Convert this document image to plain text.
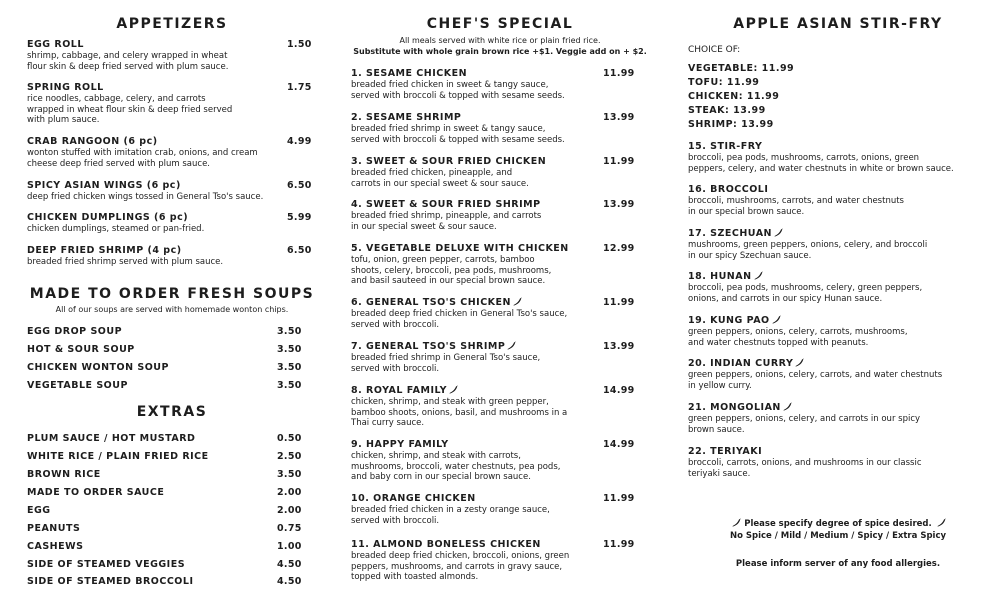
APPETIZERS
EGG ROLL
shrimp, cabbage, and celery wrapped in wheat
flour skin & deep fried served with plum sauce.
1.50
SPRING ROLL
rice noodles, cabbage, celery, and carrots
wrapped in wheat flour skin & deep fried served
with plum sauce.
1.75
CRAB RANGOON (6 pc)
wonton stuffed with imitation crab, onions, and cream
cheese deep fried served with plum sauce.
4.99
SPICY ASIAN WINGS (6 pc)
deep fried chicken wings tossed in General Tso's sauce.
6.50
CHICKEN DUMPLINGS (6 pc)
chicken dumplings, steamed or pan-fried.
5.99
DEEP FRIED SHRIMP (4 pc)
breaded fried shrimp served with plum sauce.
6.50
MADE TO ORDER FRESH SOUPS
All of our soups are served with homemade wonton chips.
EGG DROP SOUP	3.50
HOT & SOUR SOUP	3.50
CHICKEN WONTON SOUP	3.50
VEGETABLE SOUP	3.50
EXTRAS
PLUM SAUCE / HOT MUSTARD	0.50
WHITE RICE / PLAIN FRIED RICE	2.50
BROWN RICE	3.50
MADE TO ORDER SAUCE	2.00
EGG	2.00
PEANUTS	0.75
CASHEWS	1.00
SIDE OF STEAMED VEGGIES	4.50
SIDE OF STEAMED BROCCOLI	4.50
CHEF'S SPECIAL
All meals served with white rice or plain fried rice.
Substitute with whole grain brown rice +$1. Veggie add on + $2.
1. SESAME CHICKEN
breaded fried chicken in sweet & tangy sauce,
served with broccoli & topped with sesame seeds.
11.99
2. SESAME SHRIMP
breaded fried shrimp in sweet & tangy sauce,
served with broccoli & topped with sesame seeds.
13.99
3. SWEET & SOUR FRIED CHICKEN
breaded fried chicken, pineapple, and
carrots in our special sweet & sour sauce.
11.99
4. SWEET & SOUR FRIED SHRIMP
breaded fried shrimp, pineapple, and carrots
in our special sweet & sour sauce.
13.99
5. VEGETABLE DELUXE WITH CHICKEN
tofu, onion, green pepper, carrots, bamboo
shoots, celery, broccoli, pea pods, mushrooms,
and basil sauteed in our special brown sauce.
12.99
6. GENERAL TSO'S CHICKEN
breaded deep fried chicken in General Tso's sauce,
served with broccoli.
11.99
7. GENERAL TSO'S SHRIMP
breaded fried shrimp in General Tso's sauce,
served with broccoli.
13.99
8. ROYAL FAMILY
chicken, shrimp, and steak with green pepper,
bamboo shoots, onions, basil, and mushrooms in a
Thai curry sauce.
14.99
9. HAPPY FAMILY
chicken, shrimp, and steak with carrots,
mushrooms, broccoli, water chestnuts, pea pods,
and baby corn in our special brown sauce.
14.99
10. ORANGE CHICKEN
breaded fried chicken in a zesty orange sauce,
served with broccoli.
11.99
11. ALMOND BONELESS CHICKEN
breaded deep fried chicken, broccoli, onions, green
peppers, mushrooms, and carrots in gravy sauce,
topped with toasted almonds.
11.99
APPLE ASIAN STIR-FRY
CHOICE OF:
VEGETABLE: 11.99
TOFU: 11.99
CHICKEN: 11.99
STEAK: 13.99
SHRIMP: 13.99
15. STIR-FRY
broccoli, pea pods, mushrooms, carrots, onions, green
peppers, celery, and water chestnuts in white or brown sauce.
16. BROCCOLI
broccoli, mushrooms, carrots, and water chestnuts
in our special brown sauce.
17. SZECHUAN
mushrooms, green peppers, onions, celery, and broccoli
in our spicy Szechuan sauce.
18. HUNAN
broccoli, pea pods, mushrooms, celery, green peppers,
onions, and carrots in our spicy Hunan sauce.
19. KUNG PAO
green peppers, onions, celery, carrots, mushrooms,
and water chestnuts topped with peanuts.
20. INDIAN CURRY
green peppers, onions, celery, carrots, and water chestnuts
in yellow curry.
21. MONGOLIAN
green peppers, onions, celery, and carrots in our spicy
brown sauce.
22. TERIYAKI
broccoli, carrots, onions, and mushrooms in our classic
teriyaki sauce.
Please specify degree of spice desired.
No Spice / Mild / Medium / Spicy / Extra Spicy
Please inform server of any food allergies.
